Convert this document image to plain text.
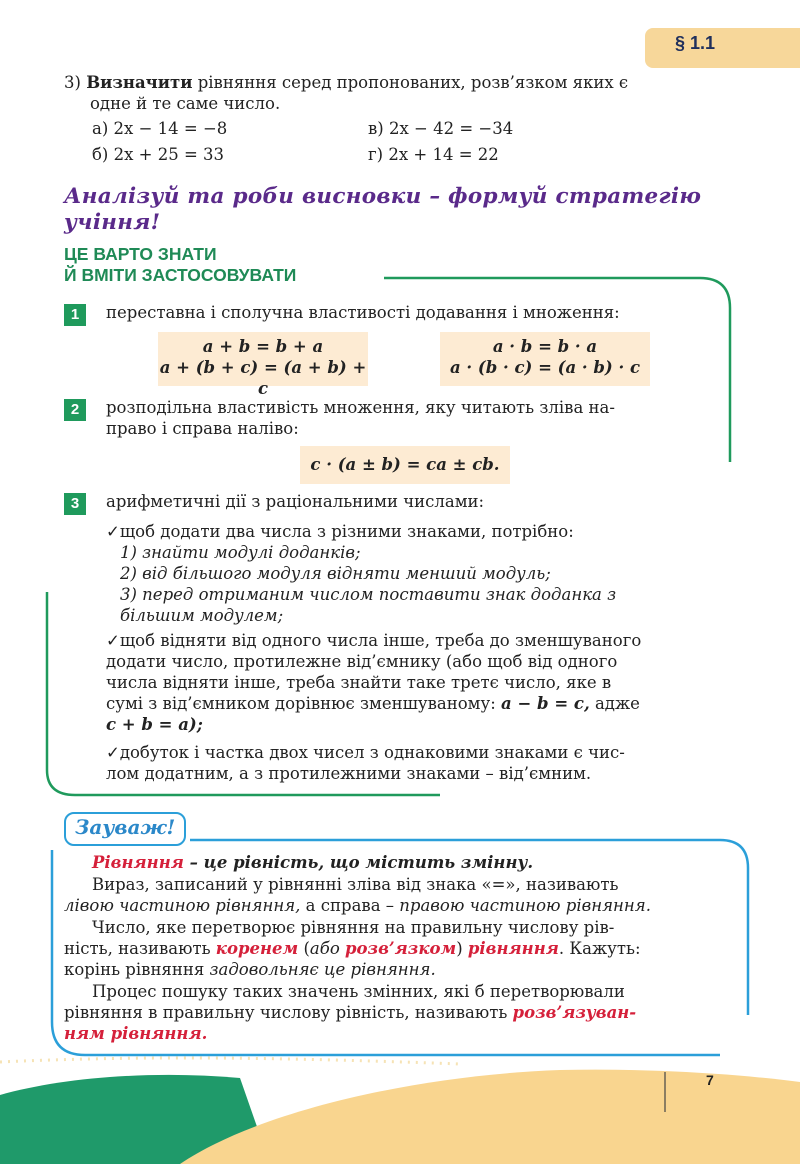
§ 1.1
3) Визначити рівняння серед пропонованих, розв’язком яких є
одне й те саме число.
а) 2x − 14 = −8	в) 2x − 42 = −34
б) 2x + 25 = 33	г) 2x + 14 = 22
Аналізуй та роби висновки – формуй стратегію
учіння!
ЦЕ ВАРТО ЗНАТИ
Й ВМІТИ ЗАСТОСОВУВАТИ
1	переставна і сполучна властивості додавання і множення:
a + b = b + a
a + (b + c) = (a + b) + c
a · b = b · a
a · (b · c) = (a · b) · c
2	розподільна властивість множення, яку читають зліва на-
право і справа наліво:
c · (a ± b) = ca ± cb.
3	арифметичні дії з раціональними числами:
✓щоб додати два числа з різними знаками, потрібно:
1) знайти модулі доданків;
2) від більшого модуля відняти менший модуль;
3) перед отриманим числом поставити знак доданка з
більшим модулем;
✓щоб відняти від одного числа інше, треба до зменшуваного
додати число, протилежне від’ємнику (або щоб від одного
числа відняти інше, треба знайти таке третє число, яке в
сумі з від’ємником дорівнює зменшуваному: a − b = c, адже
c + b = a);
✓добуток і частка двох чисел з однаковими знаками є чис-
лом додатним, а з протилежними знаками – від’ємним.
Зауваж!
Рівняння – це рівність, що містить змінну.
Вираз, записаний у рівнянні зліва від знака «=», називають
лівою частиною рівняння, а справа – правою частиною рівняння.
Число, яке перетворює рівняння на правильну числову рів-
ність, називають коренем (або розв’язком) рівняння. Кажуть:
корінь рівняння задовольняє це рівняння.
Процес пошуку таких значень змінних, які б перетворювали
рівняння в правильну числову рівність, називають розв’язуван-
ням рівняння.
7
